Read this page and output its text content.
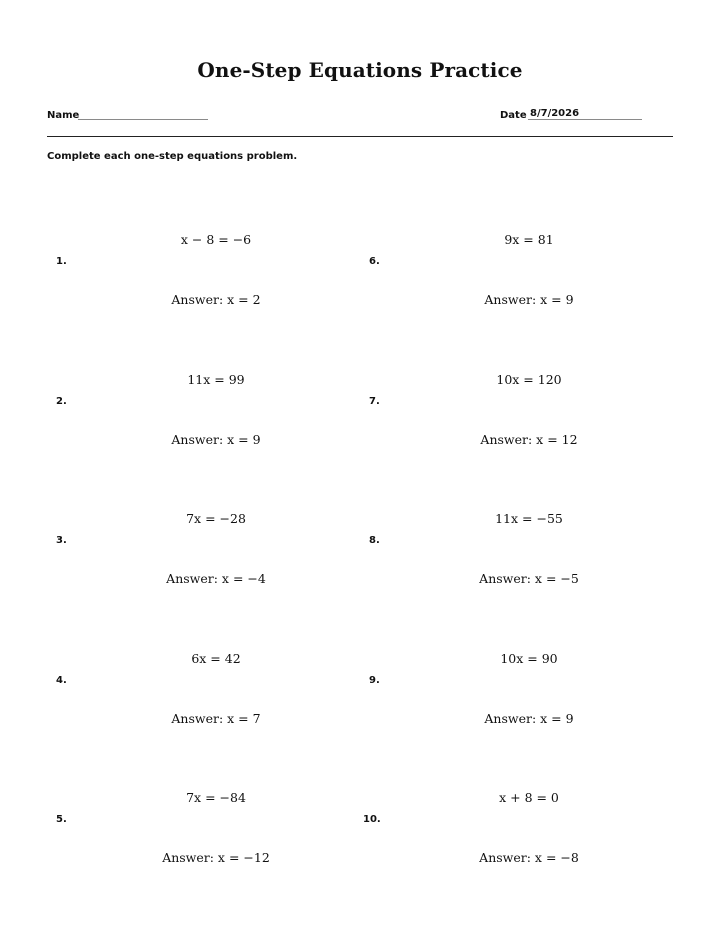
One-Step Equations Practice
Name	Date 8/7/2026
Complete each one-step equations problem.
1.
x − 8 = −6
Answer: x = 2
2.
11x = 99
Answer: x = 9
3.
7x = −28
Answer: x = −4
4.
6x = 42
Answer: x = 7
5.
7x = −84
Answer: x = −12
6.
9x = 81
Answer: x = 9
7.
10x = 120
Answer: x = 12
8.
11x = −55
Answer: x = −5
9.
10x = 90
Answer: x = 9
10.
x + 8 = 0
Answer: x = −8
